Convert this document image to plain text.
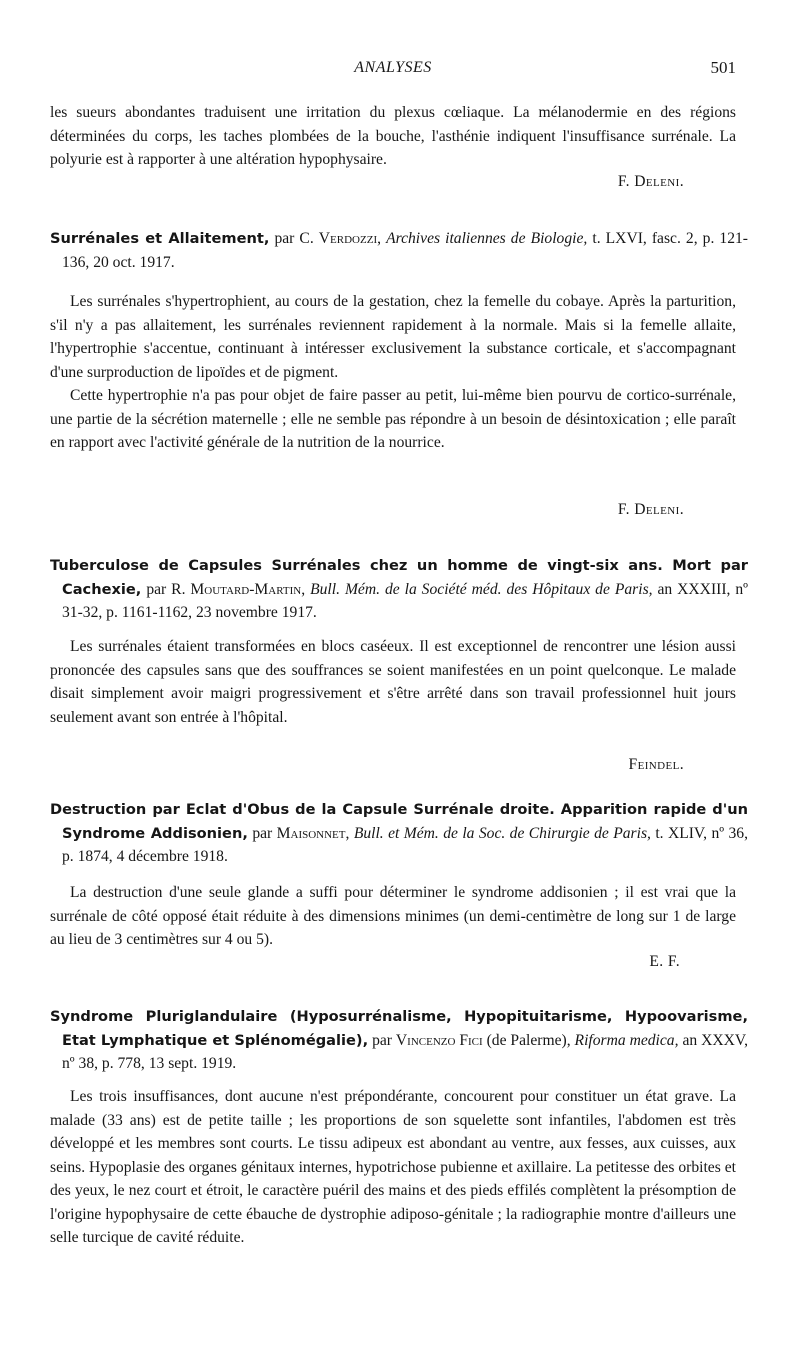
ANALYSES	501

les sueurs abondantes traduisent une irritation du plexus cœliaque. La mélanodermie en des régions déterminées du corps, les taches plombées de la bouche, l'asthénie indiquent l'insuffisance surrénale. La polyurie est à rapporter à une altération hypophysaire.

F. Deleni.
Surrénales et Allaitement, par C. Verdozzi, Archives italiennes de Biologie, t. LXVI, fasc. 2, p. 121-136, 20 oct. 1917.

Les surrénales s'hypertrophient, au cours de la gestation, chez la femelle du cobaye. Après la parturition, s'il n'y a pas allaitement, les surrénales reviennent rapidement à la normale. Mais si la femelle allaite, l'hypertrophie s'accentue, continuant à intéresser exclusivement la substance corticale, et s'accompagnant d'une surproduction de lipoïdes et de pigment.

Cette hypertrophie n'a pas pour objet de faire passer au petit, lui-même bien pourvu de cortico-surrénale, une partie de la sécrétion maternelle ; elle ne semble pas répondre à un besoin de désintoxication ; elle paraît en rapport avec l'activité générale de la nutrition de la nourrice.

F. Deleni.
Tuberculose de Capsules Surrénales chez un homme de vingt-six ans. Mort par Cachexie, par R. Moutard-Martin, Bull. Mém. de la Société méd. des Hôpitaux de Paris, an XXXIII, nº 31-32, p. 1161-1162, 23 novembre 1917.

Les surrénales étaient transformées en blocs caséeux. Il est exceptionnel de rencontrer une lésion aussi prononcée des capsules sans que des souffrances se soient manifestées en un point quelconque. Le malade disait simplement avoir maigri progressivement et s'être arrêté dans son travail professionnel huit jours seulement avant son entrée à l'hôpital.

Feindel.
Destruction par Eclat d'Obus de la Capsule Surrénale droite. Apparition rapide d'un Syndrome Addisonien, par Maisonnet, Bull. et Mém. de la Soc. de Chirurgie de Paris, t. XLIV, nº 36, p. 1874, 4 décembre 1918.

La destruction d'une seule glande a suffi pour déterminer le syndrome addisonien ; il est vrai que la surrénale de côté opposé était réduite à des dimensions minimes (un demi-centimètre de long sur 1 de large au lieu de 3 centimètres sur 4 ou 5).

E. F.
Syndrome Pluriglandulaire (Hyposurrénalisme, Hypopituitarisme, Hypoovarisme, Etat Lymphatique et Splénomégalie), par Vincenzo Fici (de Palerme), Riforma medica, an XXXV, nº 38, p. 778, 13 sept. 1919.

Les trois insuffisances, dont aucune n'est prépondérante, concourent pour constituer un état grave. La malade (33 ans) est de petite taille ; les proportions de son squelette sont infantiles, l'abdomen est très développé et les membres sont courts. Le tissu adipeux est abondant au ventre, aux fesses, aux cuisses, aux seins. Hypoplasie des organes génitaux internes, hypotrichose pubienne et axillaire. La petitesse des orbites et des yeux, le nez court et étroit, le caractère puéril des mains et des pieds effilés complètent la présomption de l'origine hypophysaire de cette ébauche de dystrophie adiposo-génitale ; la radiographie montre d'ailleurs une selle turcique de cavité réduite.
